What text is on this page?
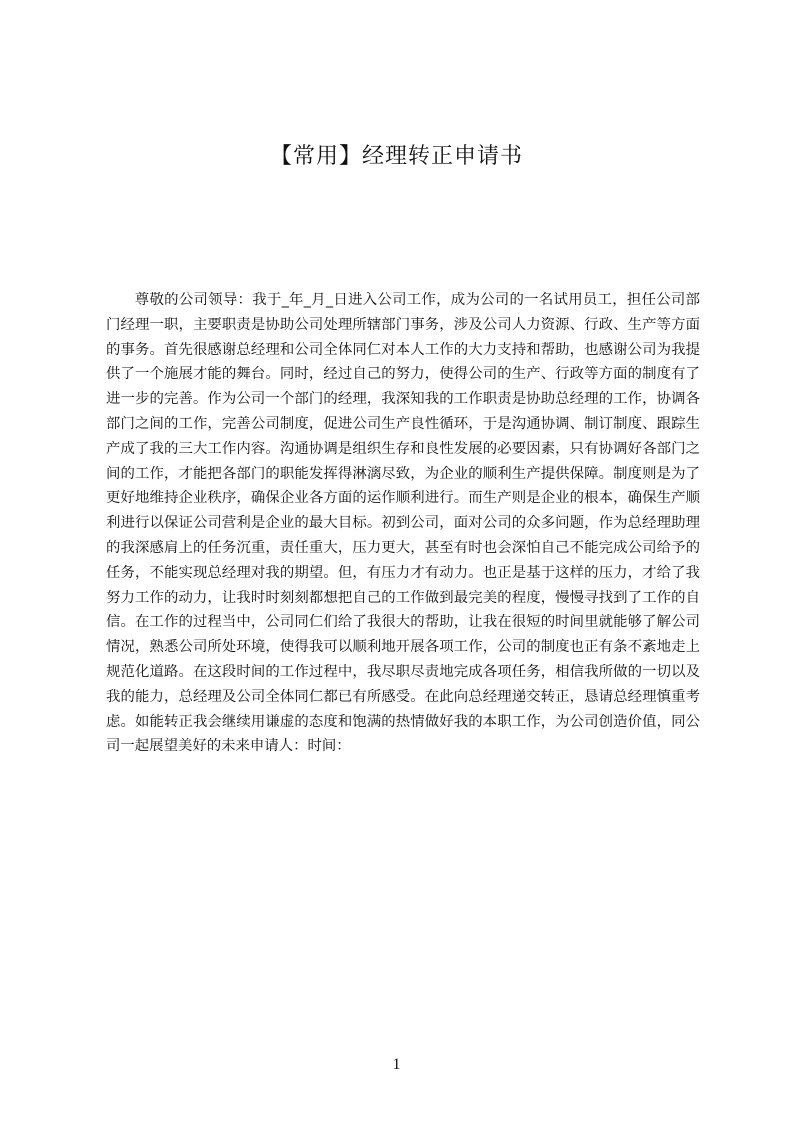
【常用】经理转正申请书

尊敬的公司领导：我于_年_月_日进入公司工作，成为公司的一名试用员工，担任公司部门经理一职，主要职责是协助公司处理所辖部门事务，涉及公司人力资源、行政、生产等方面的事务。首先很感谢总经理和公司全体同仁对本人工作的大力支持和帮助，也感谢公司为我提供了一个施展才能的舞台。同时，经过自己的努力，使得公司的生产、行政等方面的制度有了进一步的完善。作为公司一个部门的经理，我深知我的工作职责是协助总经理的工作，协调各部门之间的工作，完善公司制度，促进公司生产良性循环，于是沟通协调、制订制度、跟踪生产成了我的三大工作内容。沟通协调是组织生存和良性发展的必要因素，只有协调好各部门之间的工作，才能把各部门的职能发挥得淋漓尽致，为企业的顺利生产提供保障。制度则是为了更好地维持企业秩序，确保企业各方面的运作顺利进行。而生产则是企业的根本，确保生产顺利进行以保证公司营利是企业的最大目标。初到公司，面对公司的众多问题，作为总经理助理的我深感肩上的任务沉重，责任重大，压力更大，甚至有时也会深怕自己不能完成公司给予的任务，不能实现总经理对我的期望。但，有压力才有动力。也正是基于这样的压力，才给了我努力工作的动力，让我时时刻刻都想把自己的工作做到最完美的程度，慢慢寻找到了工作的自信。在工作的过程当中，公司同仁们给了我很大的帮助，让我在很短的时间里就能够了解公司情况，熟悉公司所处环境，使得我可以顺利地开展各项工作，公司的制度也正有条不紊地走上规范化道路。在这段时间的工作过程中，我尽职尽责地完成各项任务，相信我所做的一切以及我的能力，总经理及公司全体同仁都已有所感受。在此向总经理递交转正，恳请总经理慎重考虑。如能转正我会继续用谦虚的态度和饱满的热情做好我的本职工作，为公司创造价值，同公司一起展望美好的未来申请人：时间：

1
